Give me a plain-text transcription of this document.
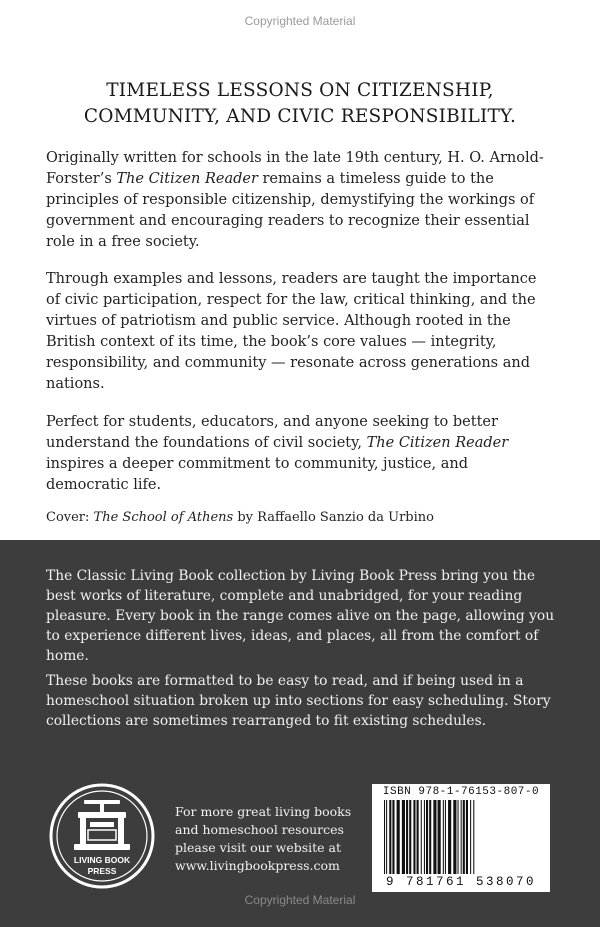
Copyrighted Material
TIMELESS LESSONS ON CITIZENSHIP,
COMMUNITY, AND CIVIC RESPONSIBILITY.

Originally written for schools in the late 19th century, H. O. Arnold-Forster’s The Citizen Reader remains a timeless guide to the principles of responsible citizenship, demystifying the workings of government and encouraging readers to recognize their essential role in a free society.

Through examples and lessons, readers are taught the importance of civic participation, respect for the law, critical thinking, and the virtues of patriotism and public service. Although rooted in the British context of its time, the book’s core values — integrity, responsibility, and community — resonate across generations and nations.

Perfect for students, educators, and anyone seeking to better understand the foundations of civil society, The Citizen Reader inspires a deeper commitment to community, justice, and democratic life.

Cover: The School of Athens by Raffaello Sanzio da Urbino

The Classic Living Book collection by Living Book Press bring you the best works of literature, complete and unabridged, for your reading pleasure. Every book in the range comes alive on the page, allowing you to experience different lives, ideas, and places, all from the comfort of home.

These books are formatted to be easy to read, and if being used in a homeschool situation broken up into sections for easy scheduling. Story collections are sometimes rearranged to fit existing schedules.

LIVING BOOK
PRESS
For more great living books
and homeschool resources
please visit our website at
www.livingbookpress.com
ISBN 978-1-76153-807-0
9 781761 538070
Copyrighted Material
